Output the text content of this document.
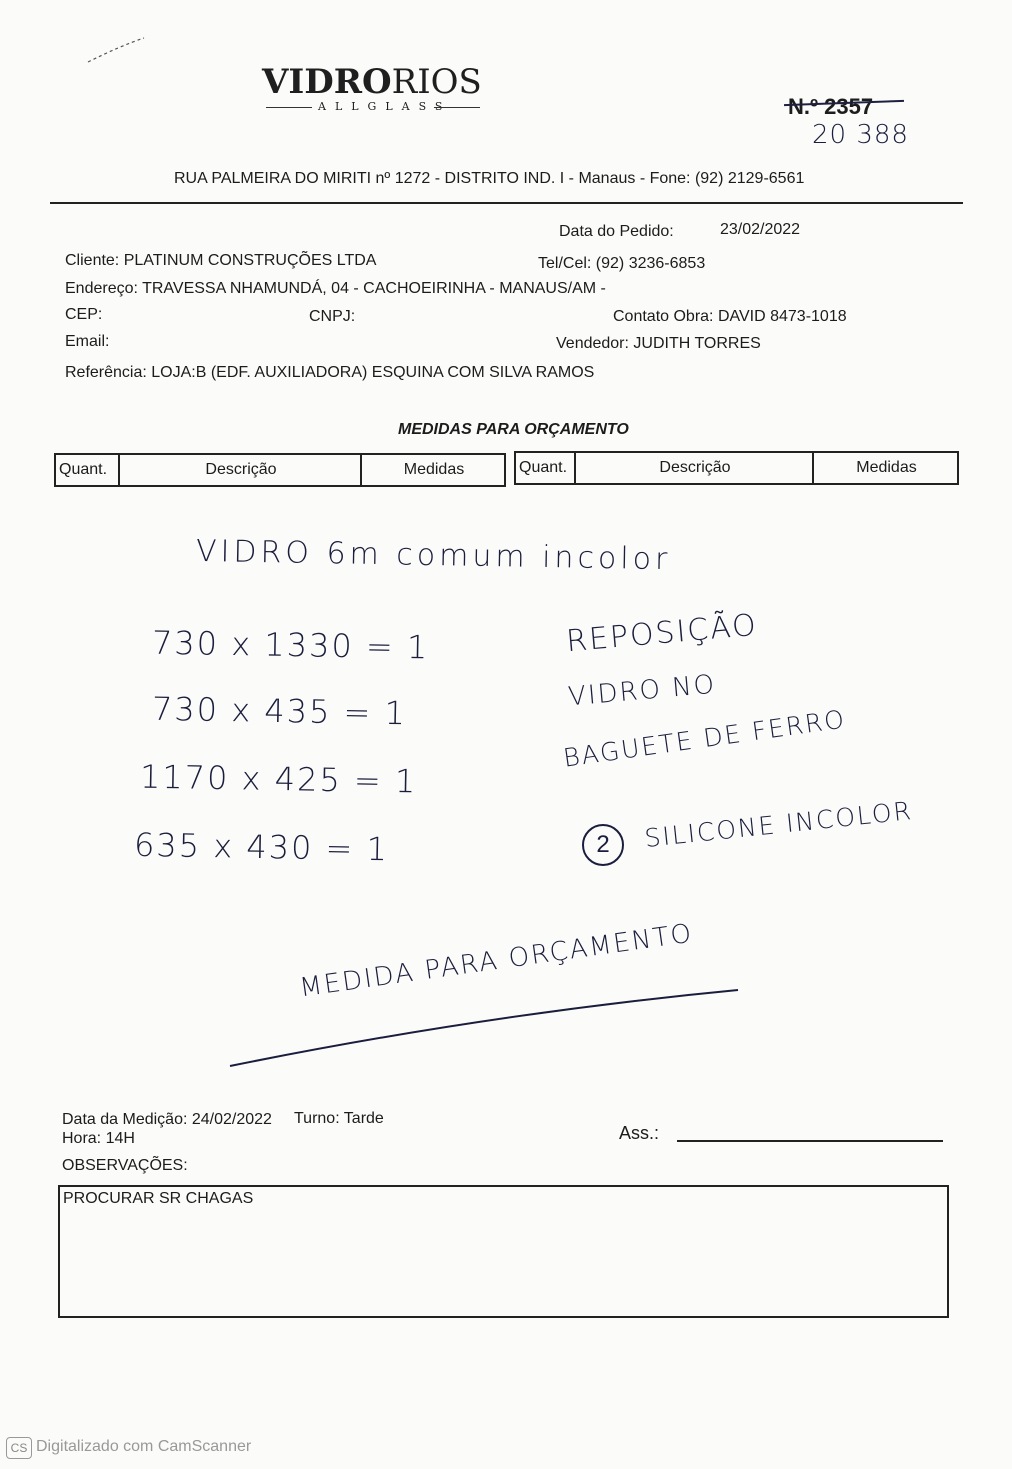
VIDRORIOS
ALLGLASS	N.º 2357
20 388
RUA PALMEIRA DO MIRITI nº 1272 - DISTRITO IND. I - Manaus - Fone: (92) 2129-6561
Data do Pedido:	23/02/2022
Cliente: PLATINUM CONSTRUÇÕES LTDA	Tel/Cel: (92) 3236-6853
Endereço: TRAVESSA NHAMUNDÁ, 04 - CACHOEIRINHA - MANAUS/AM -
CEP:	CNPJ:	Contato Obra: DAVID 8473-1018
Email:	Vendedor: JUDITH TORRES
Referência: LOJA:B (EDF. AUXILIADORA) ESQUINA COM SILVA RAMOS
MEDIDAS PARA ORÇAMENTO
Quant.	Descrição	Medidas	Quant.	Descrição	Medidas
VIDRO 6m comum incolor
730 x 1330 = 1
730 x 435 = 1
1170 x 425 = 1
635 x 430 = 1
REPOSIÇÃO
VIDRO NO
BAGUETE DE FERRO
2	SILICONE INCOLOR
MEDIDA PARA ORÇAMENTO
Data da Medição: 24/02/2022 Turno: Tarde
Hora: 14H	Ass.:
OBSERVAÇÕES:
PROCURAR SR CHAGAS
CS Digitalizado com CamScanner
